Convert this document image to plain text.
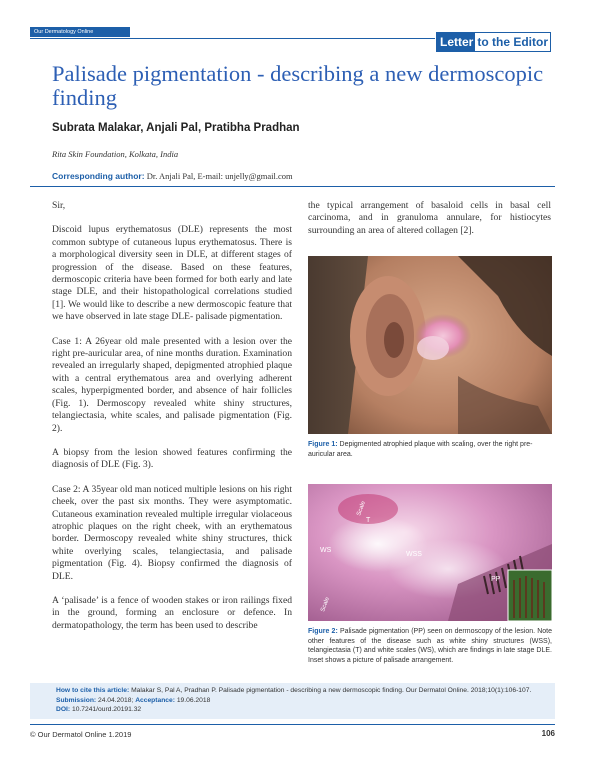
Our Dermatology Online
Letter to the Editor
Palisade pigmentation - describing a new dermoscopic finding

Subrata Malakar, Anjali Pal, Pratibha Pradhan

Rita Skin Foundation, Kolkata, India

Corresponding author: Dr. Anjali Pal, E-mail: unjelly@gmail.com

Sir,

Discoid lupus erythematosus (DLE) represents the most common subtype of cutaneous lupus erythematosus. There is a morphological diversity seen in DLE, at different stages of progression of the disease. Based on these features, dermoscopic criteria have been formed for both early and late stage DLE, and their histopathological correlations studied [1]. We would like to describe a new dermoscopic feature that we have observed in late stage DLE- palisade pigmentation.

Case 1: A 26year old male presented with a lesion over the right pre-auricular area, of nine months duration. Examination revealed an irregularly shaped, depigmented atrophied plaque with a central erythematous area and overlying adherent scales, hyperpigmented border, and absence of hair follicles (Fig. 1). Dermoscopy revealed white shiny structures, telangiectasia, white scales, and palisade pigmentation (Fig. 2).

A biopsy from the lesion showed features confirming the diagnosis of DLE (Fig. 3).

Case 2: A 35year old man noticed multiple lesions on his right cheek, over the past six months. They were asymptomatic. Cutaneous examination revealed multiple irregular violaceous atrophic plaques on the right cheek, with an erythematous border. Dermoscopy revealed white shiny structures, thick white overlying scales, telangiectasia, and palisade pigmentation (Fig. 4). Biopsy confirmed the diagnosis of DLE.

A ‘palisade’ is a fence of wooden stakes or iron railings fixed in the ground, forming an enclosure or defence. In dermatopathology, the term has been used to describe

the typical arrangement of basaloid cells in basal cell carcinoma, and in granuloma annulare, for histiocytes surrounding an area of altered collagen [2].

Figure 1: Depigmented atrophied plaque with scaling, over the right pre-auricular area.

Scale
T
WS
WSS
PP
Scale

Figure 2: Palisade pigmentation (PP) seen on dermoscopy of the lesion. Note other features of the disease such as white shiny structures (WSS), telangiectasia (T) and white scales (WS), which are findings in late stage DLE. Inset shows a picture of palisade arrangement.

How to cite this article: Malakar S, Pal A, Pradhan P. Palisade pigmentation - describing a new dermoscopic finding. Our Dermatol Online. 2018;10(1):106-107.
Submission: 24.04.2018; Acceptance: 19.06.2018
DOI: 10.7241/ourd.20191.32

© Our Dermatol Online 1.2019	106
